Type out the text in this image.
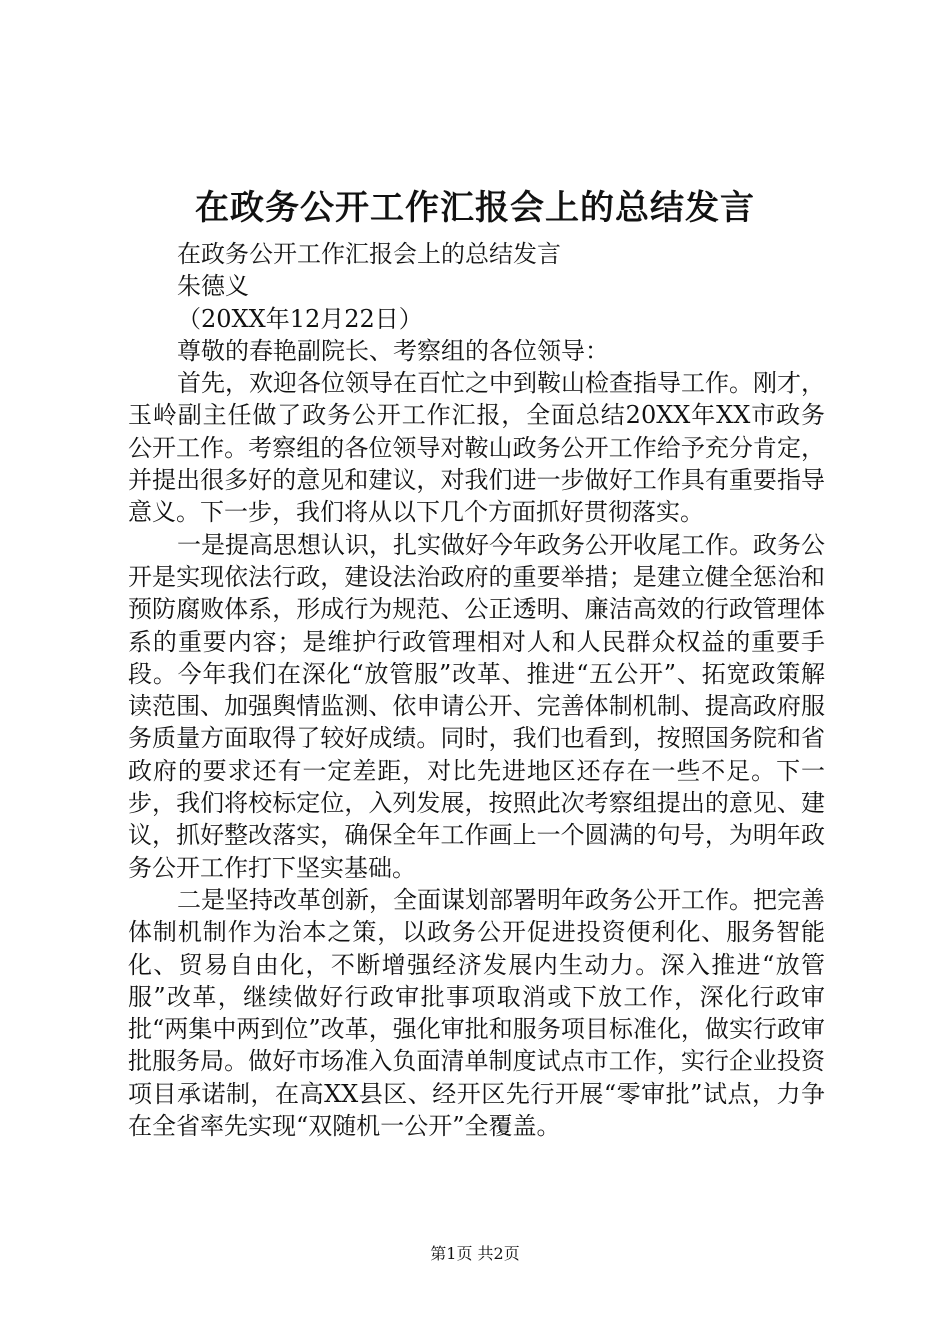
在政务公开工作汇报会上的总结发言

在政务公开工作汇报会上的总结发言

朱德义

（20XX年12月22日）

尊敬的春艳副院长、考察组的各位领导：

首先，欢迎各位领导在百忙之中到鞍山检查指导工作。刚才，玉岭副主任做了政务公开工作汇报，全面总结20XX年XX市政务公开工作。考察组的各位领导对鞍山政务公开工作给予充分肯定，并提出很多好的意见和建议，对我们进一步做好工作具有重要指导意义。下一步，我们将从以下几个方面抓好贯彻落实。

一是提高思想认识，扎实做好今年政务公开收尾工作。政务公开是实现依法行政，建设法治政府的重要举措；是建立健全惩治和预防腐败体系，形成行为规范、公正透明、廉洁高效的行政管理体系的重要内容；是维护行政管理相对人和人民群众权益的重要手段。今年我们在深化“放管服”改革、推进“五公开”、拓宽政策解读范围、加强舆情监测、依申请公开、完善体制机制、提高政府服务质量方面取得了较好成绩。同时，我们也看到，按照国务院和省政府的要求还有一定差距，对比先进地区还存在一些不足。下一步，我们将校标定位，入列发展，按照此次考察组提出的意见、建议，抓好整改落实，确保全年工作画上一个圆满的句号，为明年政务公开工作打下坚实基础。

二是坚持改革创新，全面谋划部署明年政务公开工作。把完善体制机制作为治本之策，以政务公开促进投资便利化、服务智能化、贸易自由化，不断增强经济发展内生动力。深入推进“放管服”改革，继续做好行政审批事项取消或下放工作，深化行政审批“两集中两到位”改革，强化审批和服务项目标准化，做实行政审批服务局。做好市场准入负面清单制度试点市工作，实行企业投资项目承诺制，在高XX县区、经开区先行开展“零审批”试点，力争在全省率先实现“双随机一公开”全覆盖。

第1页 共2页
